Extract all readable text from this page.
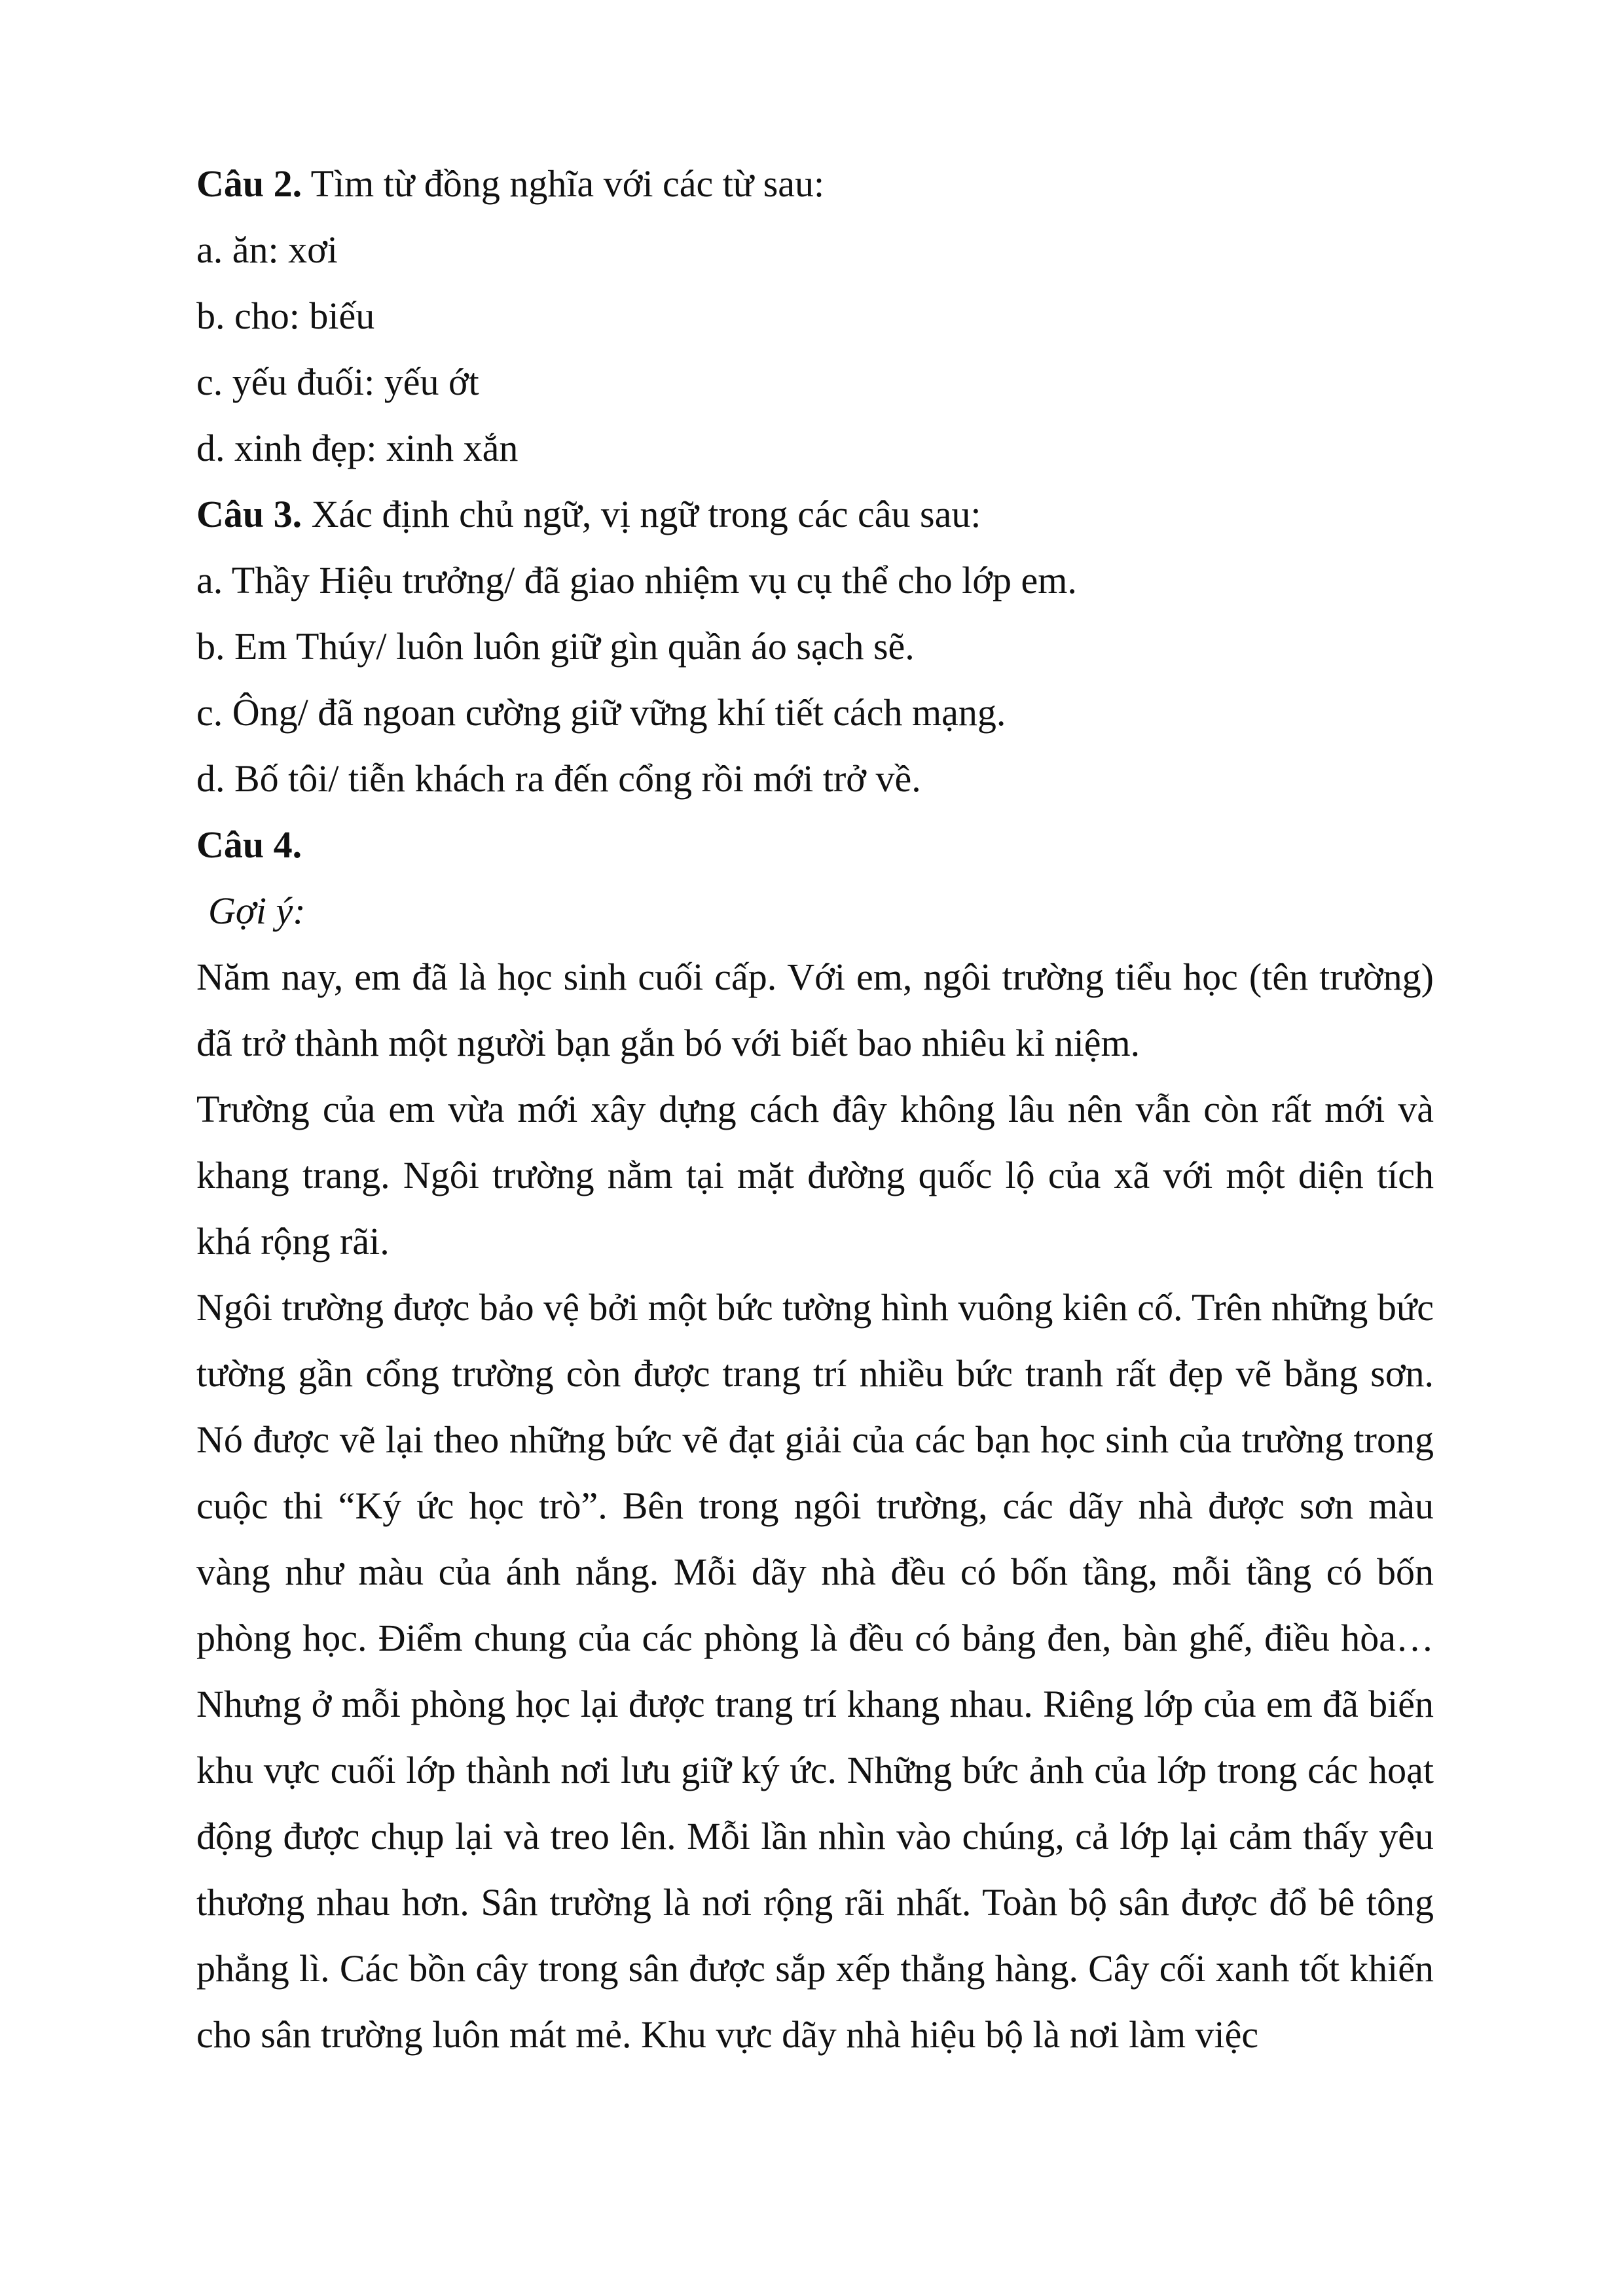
Câu 2. Tìm từ đồng nghĩa với các từ sau:

a. ăn: xơi

b. cho: biếu

c. yếu đuối: yếu ớt

d. xinh đẹp: xinh xắn

Câu 3. Xác định chủ ngữ, vị ngữ trong các câu sau:

a. Thầy Hiệu trưởng/ đã giao nhiệm vụ cụ thể cho lớp em.

b. Em Thúy/ luôn luôn giữ gìn quần áo sạch sẽ.

c. Ông/ đã ngoan cường giữ vững khí tiết cách mạng.

d. Bố tôi/ tiễn khách ra đến cổng rồi mới trở về.

Câu 4.

Gợi ý:

Năm nay, em đã là học sinh cuối cấp. Với em, ngôi trường tiểu học (tên trường) đã trở thành một người bạn gắn bó với biết bao nhiêu kỉ niệm.

Trường của em vừa mới xây dựng cách đây không lâu nên vẫn còn rất mới và khang trang. Ngôi trường nằm tại mặt đường quốc lộ của xã với một diện tích khá rộng rãi.

Ngôi trường được bảo vệ bởi một bức tường hình vuông kiên cố. Trên những bức tường gần cổng trường còn được trang trí nhiều bức tranh rất đẹp vẽ bằng sơn. Nó được vẽ lại theo những bức vẽ đạt giải của các bạn học sinh của trường trong cuộc thi “Ký ức học trò”. Bên trong ngôi trường, các dãy nhà được sơn màu vàng như màu của ánh nắng. Mỗi dãy nhà đều có bốn tầng, mỗi tầng có bốn phòng học. Điểm chung của các phòng là đều có bảng đen, bàn ghế, điều hòa… Nhưng ở mỗi phòng học lại được trang trí khang nhau. Riêng lớp của em đã biến khu vực cuối lớp thành nơi lưu giữ ký ức. Những bức ảnh của lớp trong các hoạt động được chụp lại và treo lên. Mỗi lần nhìn vào chúng, cả lớp lại cảm thấy yêu thương nhau hơn. Sân trường là nơi rộng rãi nhất. Toàn bộ sân được đổ bê tông phẳng lì. Các bồn cây trong sân được sắp xếp thẳng hàng. Cây cối xanh tốt khiến cho sân trường luôn mát mẻ. Khu vực dãy nhà hiệu bộ là nơi làm việc
